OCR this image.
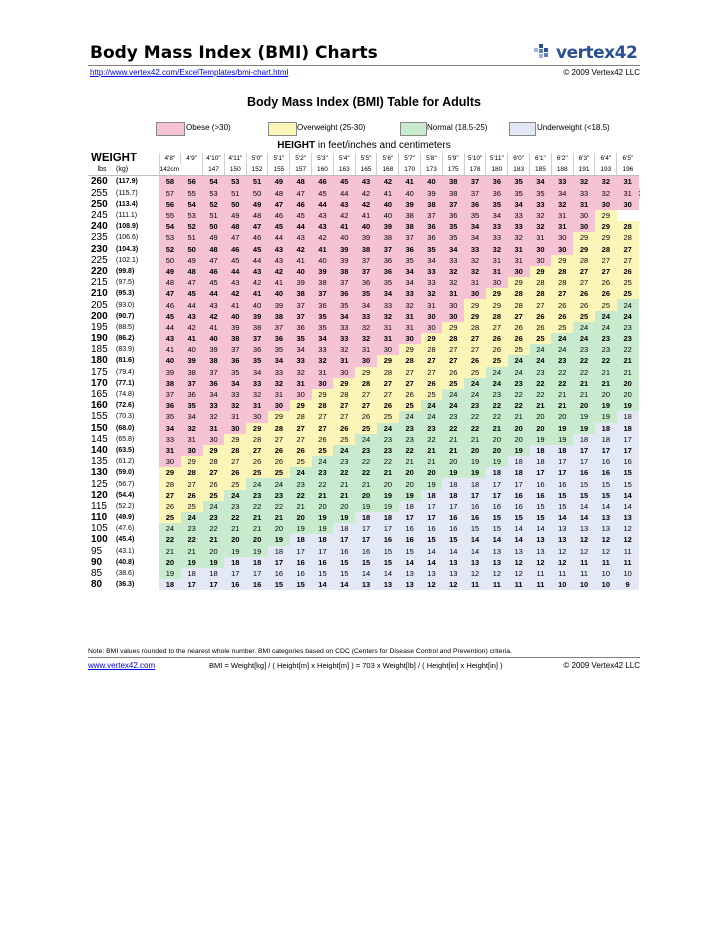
Body Mass Index (BMI) Charts	vertex42
http://www.vertex42.com/ExcelTemplates/bmi-chart.html	© 2009 Vertex42 LLC
Body Mass Index (BMI) Table for Adults
Obese (>30)	Overweight (25-30)	Normal (18.5-25)	Underweight (<18.5)
HEIGHT in feet/inches and centimeters
WEIGHT		4'8"	4'9"	4'10"	4'11"	5'0"	5'1"	5'2"	5'3"	5'4"	5'5"	5'6"	5'7"	5'8"	5'9"	5'10"	5'11"	6'0"	6'1"	6'2"	6'3"	6'4"	6'5"	
lbs	(kg)	142cm		147	150	152	155	157	160	163	165	168	170	173	175	178	180	183	185	188	191	193	196	
260	(117.9)	58	56	54	53	51	49	48	46	45	43	42	41	40	38	37	36	35	34	33	32	32	31	
255	(115.7)	57	55	53	51	50	48	47	45	44	42	41	40	39	38	37	36	35	35	34	33	32	31	
250	(113.4)	56	54	52	50	49	47	46	44	43	42	40	39	38	37	36	35	34	33	32	31	30	30	
245	(111.1)	55	53	51	49	48	46	45	43	42	41	40	38	37	36	35	34	33	32	31	30	29		
240	(108.9)	54	52	50	48	47	45	44	43	41	40	39	38	36	35	34	33	33	32	31	30	29	28	
235	(106.6)	53	51	49	47	46	44	43	42	40	39	38	37	36	35	34	33	32	31	30	29	29	28	
230	(104.3)	52	50	48	46	45	43	42	41	39	38	37	36	35	34	33	32	31	30	30	29	28	27	
225	(102.1)	50	49	47	45	44	43	41	40	39	37	36	35	34	33	32	31	31	30	29	28	27	27	
220	(99.8)	49	48	46	44	43	42	40	39	38	37	36	34	33	32	32	31	30	29	28	27	27	26	
215	(97.5)	48	47	45	43	42	41	39	38	37	36	35	34	33	32	31	30	29	28	28	27	26	25	
210	(95.3)	47	45	44	42	41	40	38	37	36	35	34	33	32	31	30	29	28	28	27	26	26	25	
205	(93.0)	46	44	43	41	40	39	37	36	35	34	33	32	31	30	29	29	28	27	26	26	25	24	
200	(90.7)	45	43	42	40	39	38	37	35	34	33	32	31	30	30	29	28	27	26	26	25	24	24	
195	(88.5)	44	42	41	39	38	37	36	35	33	32	31	31	30	29	28	27	26	26	25	24	24	23	
190	(86.2)	43	41	40	38	37	36	35	34	33	32	31	30	29	28	27	26	26	25	24	24	23	23	
185	(83.9)	41	40	39	37	36	35	34	33	32	31	30	29	28	27	27	26	25	24	24	23	23	22	
180	(81.6)	40	39	38	36	35	34	33	32	31	30	29	28	27	27	26	25	24	24	23	22	22	21	
175	(79.4)	39	38	37	35	34	33	32	31	30	29	28	27	27	26	25	24	24	23	22	22	21	21	
170	(77.1)	38	37	36	34	33	32	31	30	29	28	27	27	26	25	24	24	23	22	22	21	21	20	
165	(74.8)	37	36	34	33	32	31	30	29	28	27	27	26	25	24	24	23	22	22	21	21	20	20	
160	(72.6)	36	35	33	32	31	30	29	28	27	27	26	25	24	24	23	22	22	21	21	20	19	19	
155	(70.3)	35	34	32	31	30	29	28	27	27	26	25	24	24	23	22	22	21	20	20	19	19	18	
150	(68.0)	34	32	31	30	29	28	27	27	26	25	24	23	23	22	22	21	20	20	19	19	18	18	
145	(65.8)	33	31	30	29	28	27	27	26	25	24	23	23	22	21	21	20	20	19	19	18	18	17	
140	(63.5)	31	30	29	28	27	26	26	25	24	23	23	22	21	21	20	20	19	18	18	17	17	17	
135	(61.2)	30	29	28	27	26	26	25	24	23	22	22	21	21	20	19	19	18	18	17	17	16	16	
130	(59.0)	29	28	27	26	25	25	24	23	22	22	21	20	20	19	19	18	18	17	17	16	16	15	
125	(56.7)	28	27	26	25	24	24	23	22	21	21	20	20	19	18	18	17	17	16	16	15	15	15	
120	(54.4)	27	26	25	24	23	23	22	21	21	20	19	19	18	18	17	17	16	16	15	15	15	14	
115	(52.2)	26	25	24	23	22	22	21	20	20	19	19	18	17	17	16	16	16	15	15	14	14	14	
110	(49.9)	25	24	23	22	21	21	20	19	19	18	18	17	17	16	16	15	15	15	14	14	13	13	
105	(47.6)	24	23	22	21	21	20	19	19	18	17	17	16	16	16	15	15	14	14	13	13	13	12	
100	(45.4)	22	22	21	20	20	19	18	18	17	17	16	16	15	15	14	14	14	13	13	12	12	12	
95	(43.1)	21	21	20	19	19	18	17	17	16	16	15	15	14	14	14	13	13	13	12	12	12	11	
90	(40.8)	20	19	19	18	18	17	16	16	15	15	15	14	14	13	13	13	12	12	12	11	11	11	
85	(38.6)	19	18	18	17	17	16	16	15	15	14	14	13	13	13	12	12	12	11	11	11	10	10	
80	(36.3)	18	17	17	16	16	15	15	14	14	13	13	13	12	12	11	11	11	11	10	10	10	9	
Note: BMI values rounded to the nearest whole number. BMI categories based on CDC (Centers for Disease Control and Prevention) criteria.
www.vertex42.com	BMI = Weight[kg] / ( Height[m] x Height[m] ) = 703 x Weight[lb] / ( Height[in] x Height[in] )	© 2009 Vertex42 LLC
